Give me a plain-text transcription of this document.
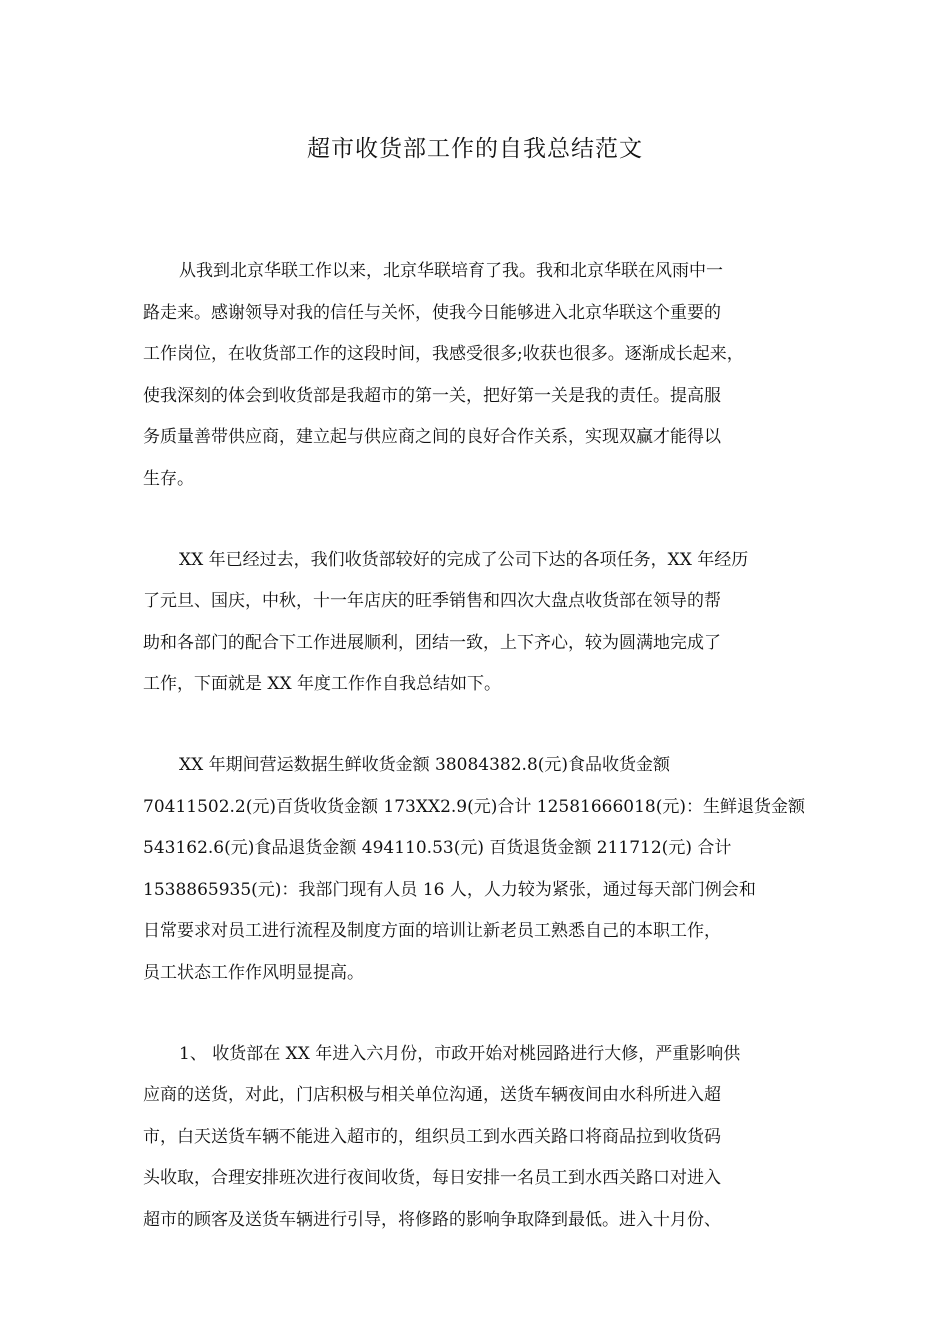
超市收货部工作的自我总结范文
从我到北京华联工作以来，北京华联培育了我。我和北京华联在风雨中一
路走来。感谢领导对我的信任与关怀，使我今日能够进入北京华联这个重要的
工作岗位，在收货部工作的这段时间，我感受很多;收获也很多。逐渐成长起来，
使我深刻的体会到收货部是我超市的第一关，把好第一关是我的责任。提高服
务质量善带供应商，建立起与供应商之间的良好合作关系，实现双赢才能得以
生存。
XX 年已经过去，我们收货部较好的完成了公司下达的各项任务，XX 年经历
了元旦、国庆，中秋，十一年店庆的旺季销售和四次大盘点收货部在领导的帮
助和各部门的配合下工作进展顺利，团结一致，上下齐心，较为圆满地完成了
工作，下面就是 XX 年度工作作自我总结如下。
XX 年期间营运数据生鲜收货金额 38084382.8(元)食品收货金额
70411502.2(元)百货收货金额 173XX2.9(元)合计 12581666018(元)：生鲜退货金额
543162.6(元)食品退货金额 494110.53(元) 百货退货金额 211712(元) 合计
1538865935(元)：我部门现有人员 16 人，人力较为紧张，通过每天部门例会和
日常要求对员工进行流程及制度方面的培训让新老员工熟悉自己的本职工作，
员工状态工作作风明显提高。
1、 收货部在 XX 年进入六月份，市政开始对桃园路进行大修，严重影响供
应商的送货，对此，门店积极与相关单位沟通，送货车辆夜间由水科所进入超
市，白天送货车辆不能进入超市的，组织员工到水西关路口将商品拉到收货码
头收取，合理安排班次进行夜间收货，每日安排一名员工到水西关路口对进入
超市的顾客及送货车辆进行引导，将修路的影响争取降到最低。进入十月份、
